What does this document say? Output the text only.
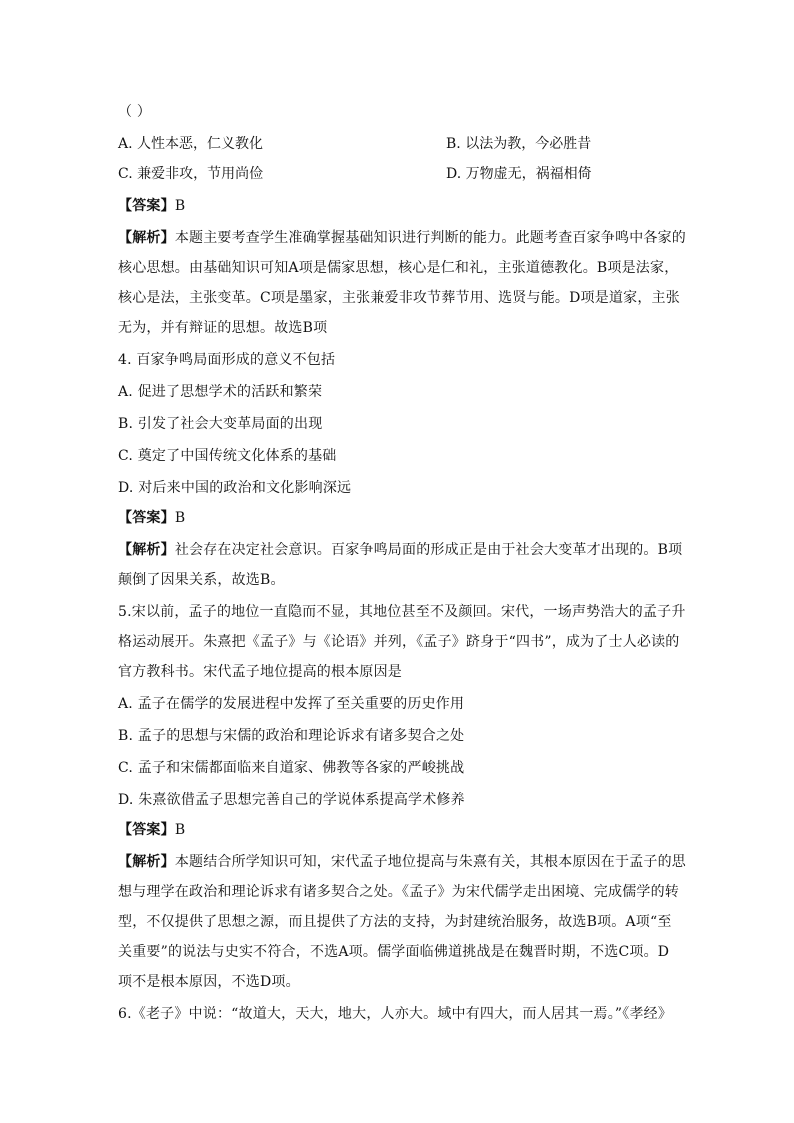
（ ）
A. 人性本恶，仁义教化	B. 以法为教，今必胜昔
C. 兼爱非攻，节用尚俭	D. 万物虚无，祸福相倚
【答案】B
【解析】本题主要考查学生准确掌握基础知识进行判断的能力。此题考查百家争鸣中各家的
核心思想。由基础知识可知A项是儒家思想，核心是仁和礼，主张道德教化。B项是法家，
核心是法，主张变革。C项是墨家，主张兼爱非攻节葬节用、选贤与能。D项是道家，主张
无为，并有辩证的思想。故选B项
4. 百家争鸣局面形成的意义不包括
A. 促进了思想学术的活跃和繁荣
B. 引发了社会大变革局面的出现
C. 奠定了中国传统文化体系的基础
D. 对后来中国的政治和文化影响深远
【答案】B
【解析】社会存在决定社会意识。百家争鸣局面的形成正是由于社会大变革才出现的。B项
颠倒了因果关系，故选B。
5.宋以前，孟子的地位一直隐而不显，其地位甚至不及颜回。宋代，一场声势浩大的孟子升
格运动展开。朱熹把《孟子》与《论语》并列，《孟子》跻身于“四书”，成为了士人必读的
官方教科书。宋代孟子地位提高的根本原因是
A. 孟子在儒学的发展进程中发挥了至关重要的历史作用
B. 孟子的思想与宋儒的政治和理论诉求有诸多契合之处
C. 孟子和宋儒都面临来自道家、佛教等各家的严峻挑战
D. 朱熹欲借孟子思想完善自己的学说体系提高学术修养
【答案】B
【解析】本题结合所学知识可知，宋代孟子地位提高与朱熹有关，其根本原因在于孟子的思
想与理学在政治和理论诉求有诸多契合之处。《孟子》为宋代儒学走出困境、完成儒学的转
型，不仅提供了思想之源，而且提供了方法的支持，为封建统治服务，故选B项。A项“至
关重要”的说法与史实不符合，不选A项。儒学面临佛道挑战是在魏晋时期，不选C项。D
项不是根本原因，不选D项。
6.《老子》中说：“故道大，天大，地大，人亦大。域中有四大，而人居其一焉。”《孝经》
